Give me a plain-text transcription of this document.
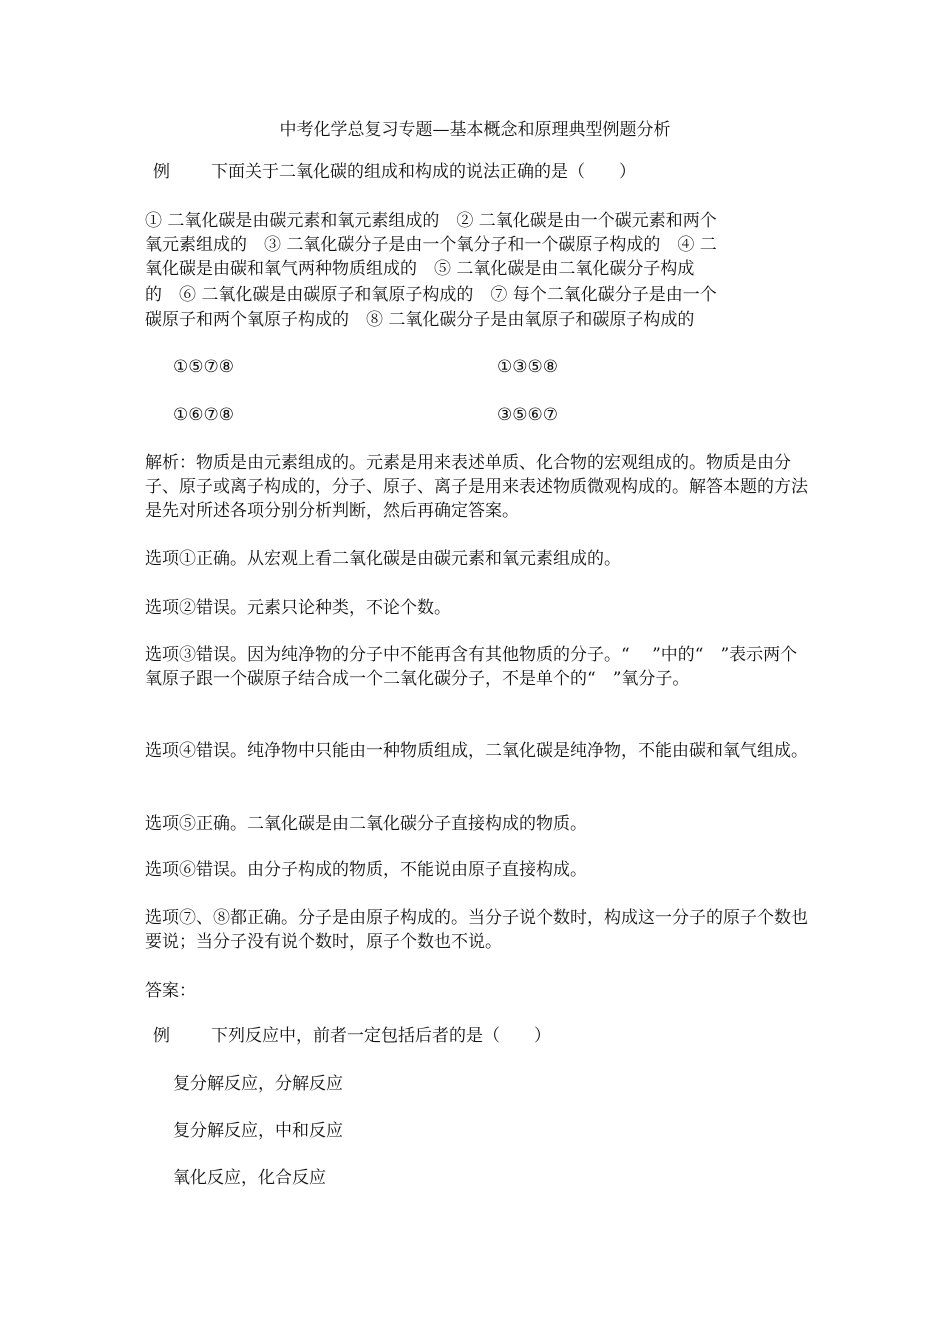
中考化学总复习专题—基本概念和原理典型例题分析
例 下面关于二氧化碳的组成和构成的说法正确的是（　　）
① 二氧化碳是由碳元素和氧元素组成的　② 二氧化碳是由一个碳元素和两个
氧元素组成的　③ 二氧化碳分子是由一个氧分子和一个碳原子构成的　④ 二
氧化碳是由碳和氧气两种物质组成的　⑤ 二氧化碳是由二氧化碳分子构成
的　⑥ 二氧化碳是由碳原子和氧原子构成的　⑦ 每个二氧化碳分子是由一个
碳原子和两个氧原子构成的　⑧ 二氧化碳分子是由氧原子和碳原子构成的
①⑤⑦⑧	①③⑤⑧
①⑥⑦⑧	③⑤⑥⑦
解析：物质是由元素组成的。元素是用来表述单质、化合物的宏观组成的。物质是由分子、原子或离子构成的，分子、原子、离子是用来表述物质微观构成的。解答本题的方法是先对所述各项分别分析判断，然后再确定答案。
选项①正确。从宏观上看二氧化碳是由碳元素和氧元素组成的。
选项②错误。元素只论种类，不论个数。
选项③错误。因为纯净物的分子中不能再含有其他物质的分子。“　 ”中的“　”表示两个氧原子跟一个碳原子结合成一个二氧化碳分子，不是单个的“　”氧分子。
选项④错误。纯净物中只能由一种物质组成，二氧化碳是纯净物，不能由碳和氧气组成。
选项⑤正确。二氧化碳是由二氧化碳分子直接构成的物质。
选项⑥错误。由分子构成的物质，不能说由原子直接构成。
选项⑦、⑧都正确。分子是由原子构成的。当分子说个数时，构成这一分子的原子个数也要说；当分子没有说个数时，原子个数也不说。
答案：
例 下列反应中，前者一定包括后者的是（　　）
复分解反应，分解反应
复分解反应，中和反应
氧化反应，化合反应
